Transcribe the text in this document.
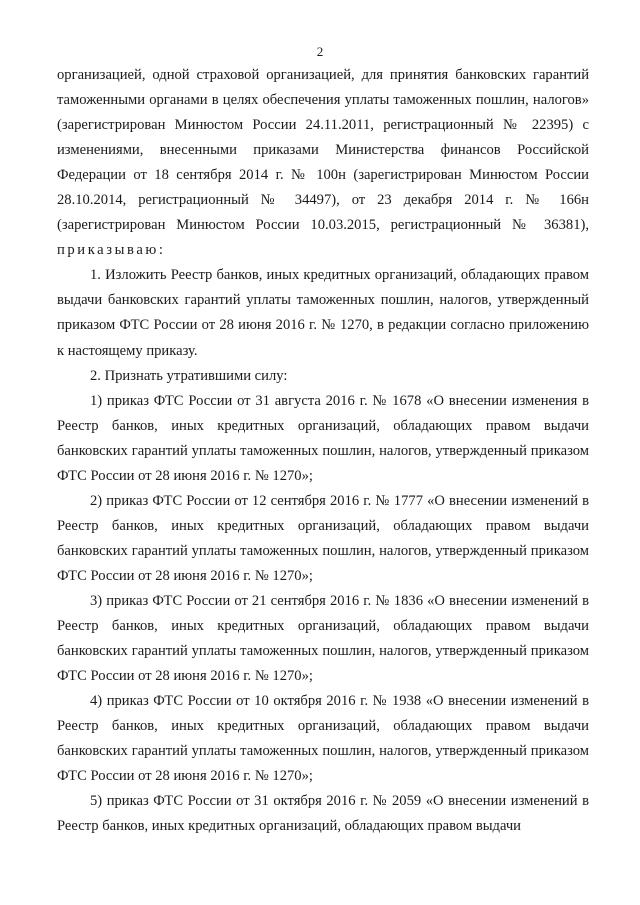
2

организацией, одной страховой организацией, для принятия банковских гарантий таможенными органами в целях обеспечения уплаты таможенных пошлин, налогов» (зарегистрирован Минюстом России 24.11.2011, регистрационный № 22395) с изменениями, внесенными приказами Министерства финансов Российской Федерации от 18 сентября 2014 г. № 100н (зарегистрирован Минюстом России 28.10.2014, регистрационный № 34497), от 23 декабря 2014 г. № 166н (зарегистрирован Минюстом России 10.03.2015, регистрационный № 36381), приказываю:

1. Изложить Реестр банков, иных кредитных организаций, обладающих правом выдачи банковских гарантий уплаты таможенных пошлин, налогов, утвержденный приказом ФТС России от 28 июня 2016 г. № 1270, в редакции согласно приложению к настоящему приказу.

2. Признать утратившими силу:

1) приказ ФТС России от 31 августа 2016 г. № 1678 «О внесении изменения в Реестр банков, иных кредитных организаций, обладающих правом выдачи банковских гарантий уплаты таможенных пошлин, налогов, утвержденный приказом ФТС России от 28 июня 2016 г. № 1270»;

2) приказ ФТС России от 12 сентября 2016 г. № 1777 «О внесении изменений в Реестр банков, иных кредитных организаций, обладающих правом выдачи банковских гарантий уплаты таможенных пошлин, налогов, утвержденный приказом ФТС России от 28 июня 2016 г. № 1270»;

3) приказ ФТС России от 21 сентября 2016 г. № 1836 «О внесении изменений в Реестр банков, иных кредитных организаций, обладающих правом выдачи банковских гарантий уплаты таможенных пошлин, налогов, утвержденный приказом ФТС России от 28 июня 2016 г. № 1270»;

4) приказ ФТС России от 10 октября 2016 г. № 1938 «О внесении изменений в Реестр банков, иных кредитных организаций, обладающих правом выдачи банковских гарантий уплаты таможенных пошлин, налогов, утвержденный приказом ФТС России от 28 июня 2016 г. № 1270»;

5) приказ ФТС России от 31 октября 2016 г. № 2059 «О внесении изменений в Реестр банков, иных кредитных организаций, обладающих правом выдачи
